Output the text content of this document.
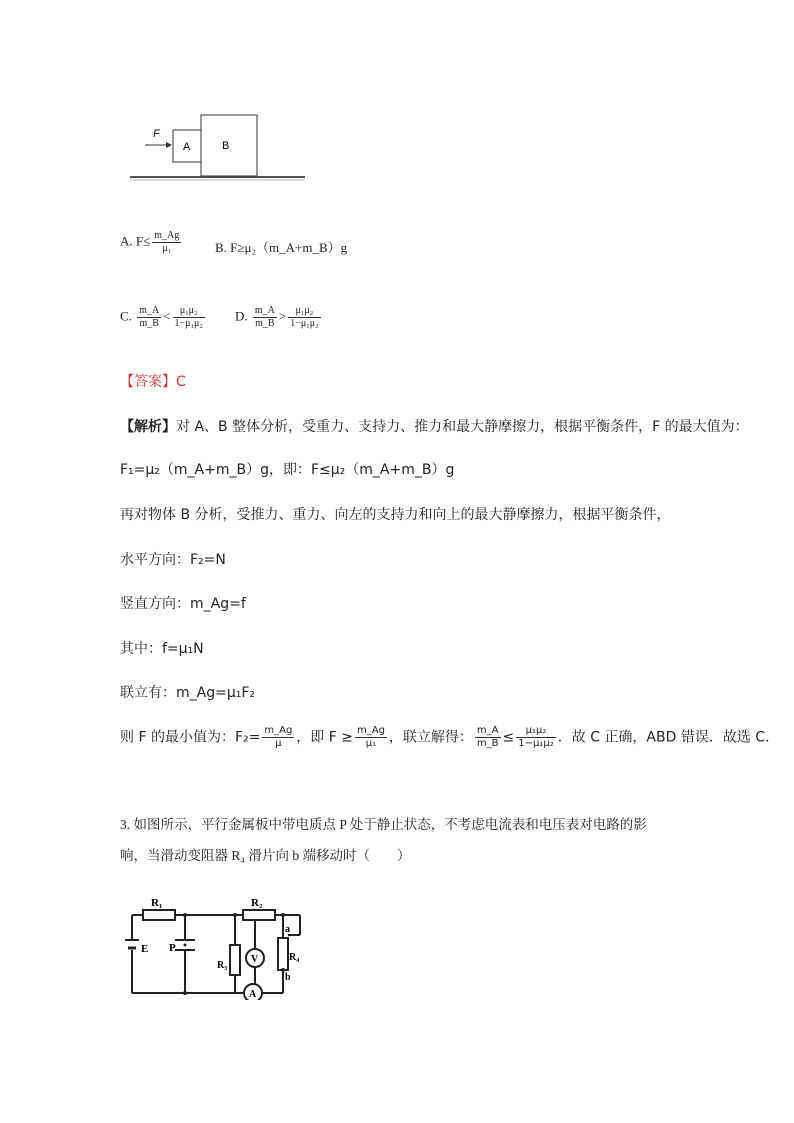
F
A	B
A. $F\le \frac{m\_Ag}{\text{μ₁}}$	B. F≥μ₂（m_A+m_B）g
C. $\frac{m\_A}{m\_B} < \frac{\text{μ₁μ₂}}{\text{1−μ₁μ₂}} D$. $\frac{m\_A}{m\_B} > \frac{\text{μ₁μ₂}}{\text{1−μ₁μ₂}}$
【答案】C
【解析】对 A、B 整体分析，受重力、支持力、推力和最大静摩擦力，根据平衡条件，F 的最大值为：
F₁=μ₂（m_A+m_B）g，即：F≤μ₂（m_A+m_B）g
再对物体 B 分析，受推力、重力、向左的支持力和向上的最大静摩擦力，根据平衡条件，
水平方向：F₂=N
竖直方向：m_Ag=f
其中：f=μ₁N
联立有：m_Ag=μ₁F₂
则 F 的最小值为：$F_2= \frac{m\_Ag}{\mu}$ ，即 $F \ge \frac{m\_Ag}{\text{μ₁}}$ ，联立解得： $\frac{m\_A}{m\_B} \le \frac{\text{μ₁μ₂}}{\text{1−μ₁μ₂}}$ ．故 C 正确，ABD 错误．故选 C．
3. 如图所示，平行金属板中带电质点 P 处于静止状态，不考虑电流表和电压表对电路的影
响，当滑动变阻器 R₄ 滑片向 b 端移动时（　　）
R₁	R₂
R₃
R₄
E P
V
A
a
b
